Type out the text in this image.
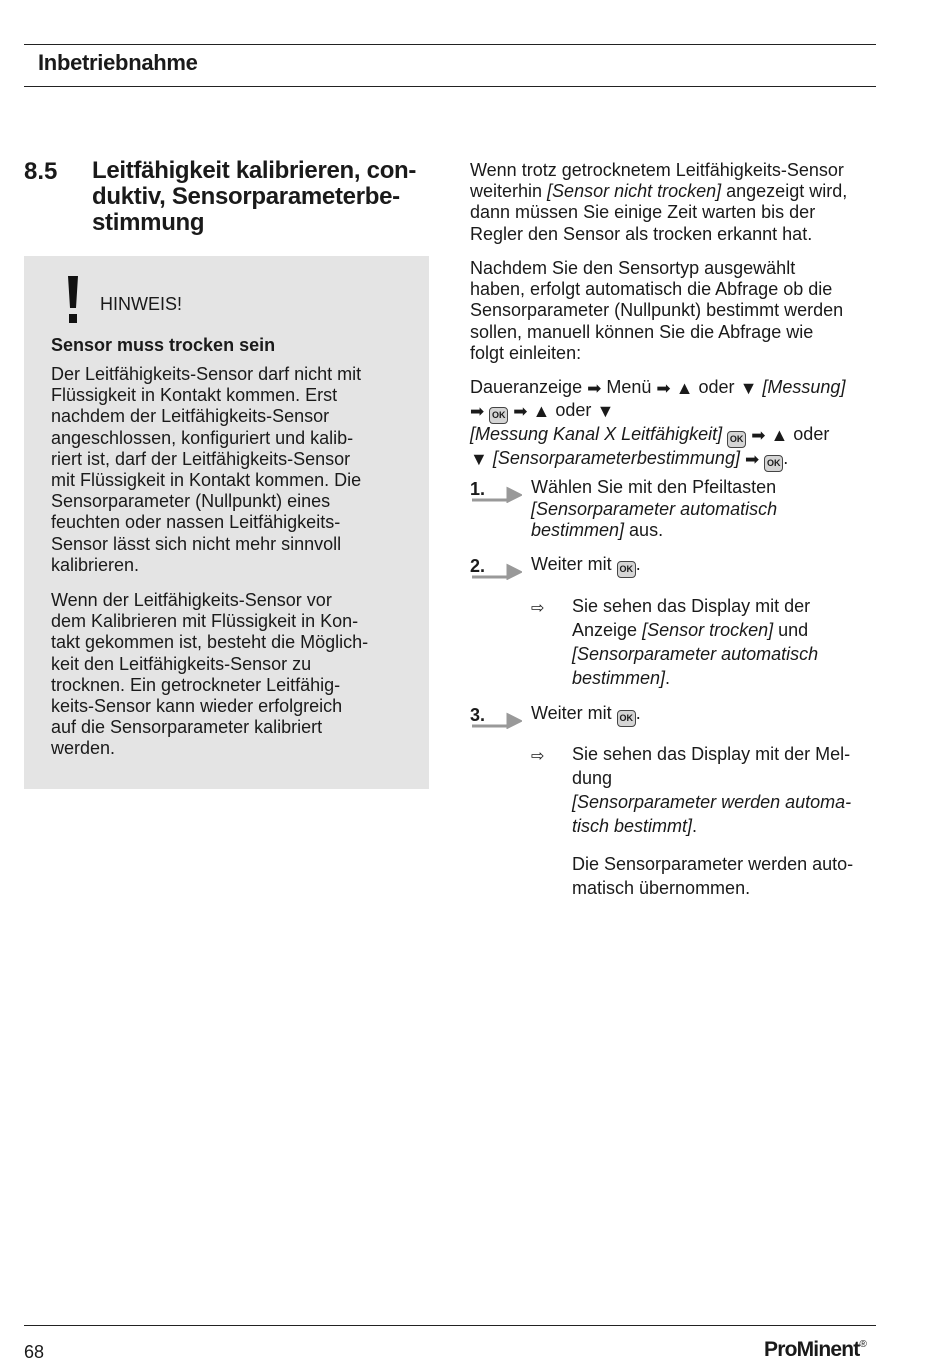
Inbetriebnahme
8.5 Leitfähigkeit kalibrieren, con-
duktiv, Sensorparameterbe-
stimmung
HINWEIS!
Sensor muss trocken sein
Der Leitfähigkeits-Sensor darf nicht mit
Flüssigkeit in Kontakt kommen. Erst
nachdem der Leitfähigkeits-Sensor
angeschlossen, konfiguriert und kalib-
riert ist, darf der Leitfähigkeits-Sensor
mit Flüssigkeit in Kontakt kommen. Die
Sensorparameter (Nullpunkt) eines
feuchten oder nassen Leitfähigkeits-
Sensor lässt sich nicht mehr sinnvoll
kalibrieren.
Wenn der Leitfähigkeits-Sensor vor
dem Kalibrieren mit Flüssigkeit in Kon-
takt gekommen ist, besteht die Möglich-
keit den Leitfähigkeits-Sensor zu
trocknen. Ein getrockneter Leitfähig-
keits-Sensor kann wieder erfolgreich
auf die Sensorparameter kalibriert
werden.
Wenn trotz getrocknetem Leitfähigkeits-Sensor
weiterhin [Sensor nicht trocken] angezeigt wird,
dann müssen Sie einige Zeit warten bis der
Regler den Sensor als trocken erkannt hat.
Nachdem Sie den Sensortyp ausgewählt
haben, erfolgt automatisch die Abfrage ob die
Sensorparameter (Nullpunkt) bestimmt werden
sollen, manuell können Sie die Abfrage wie
folgt einleiten:
Daueranzeige ➡ Menü ➡ ▲ oder ▼ [Messung]
➡ OK ➡ ▲ oder ▼
[Messung Kanal X Leitfähigkeit] OK ➡ ▲ oder
▼ [Sensorparameterbestimmung] ➡ OK .
1.	Wählen Sie mit den Pfeiltasten
[Sensorparameter automatisch
bestimmen] aus.
2.	Weiter mit OK .
⇨ Sie sehen das Display mit der
Anzeige [Sensor trocken] und
[Sensorparameter automatisch
bestimmen].
3.	Weiter mit OK .
⇨ Sie sehen das Display mit der Mel-
dung
[Sensorparameter werden automa-
tisch bestimmt].
Die Sensorparameter werden auto-
matisch übernommen.
68	ProMinent®
